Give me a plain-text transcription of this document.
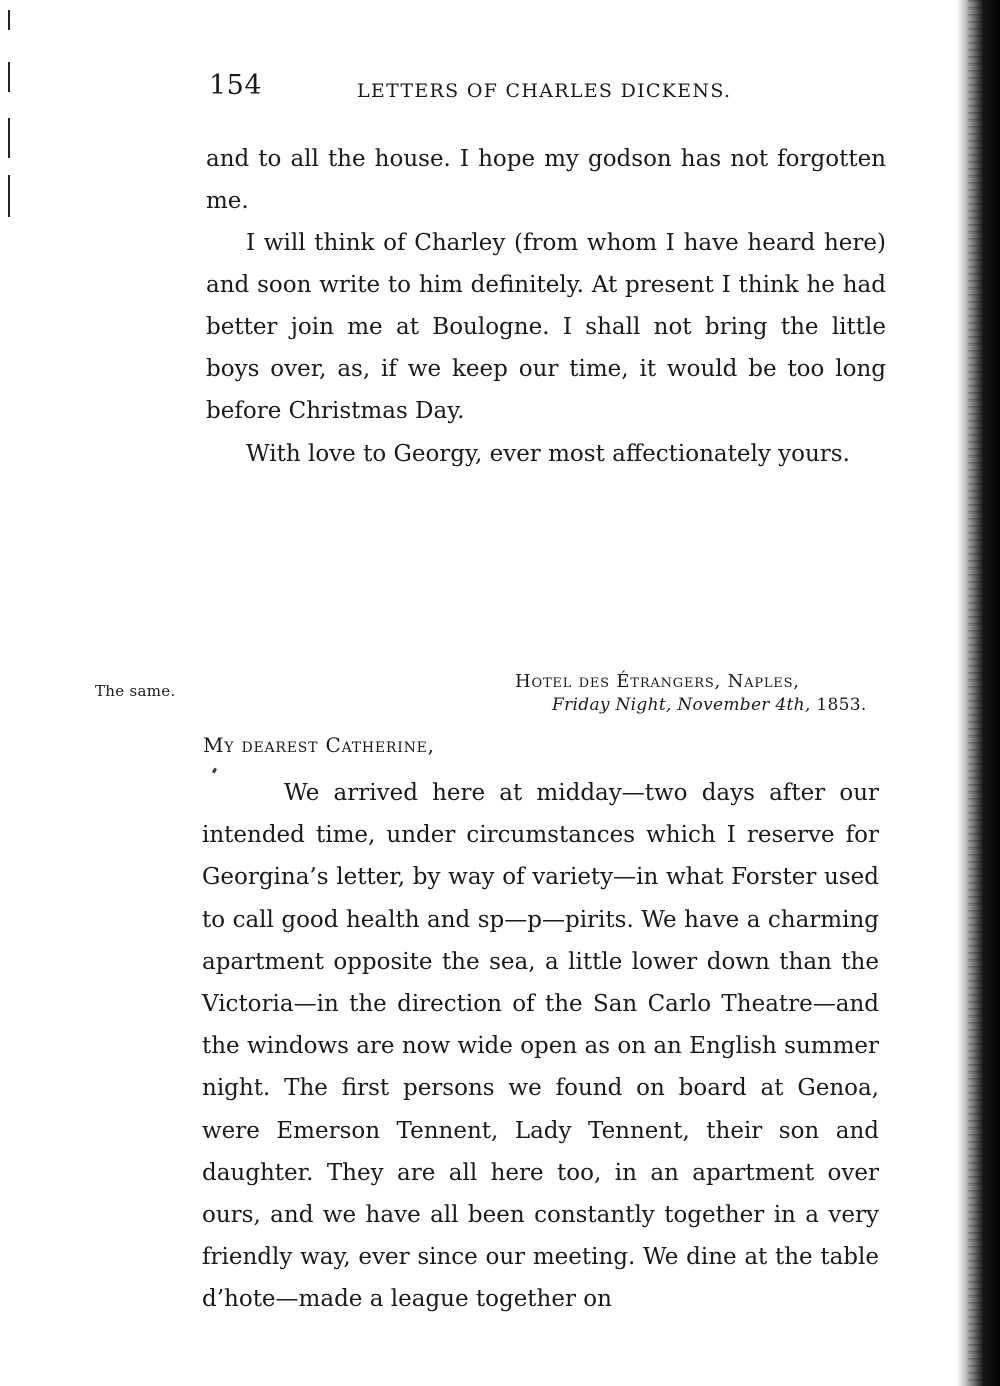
154	LETTERS OF CHARLES DICKENS.

and to all the house. I hope my godson has not forgotten me.

I will think of Charley (from whom I have heard here) and soon write to him definitely. At present I think he had better join me at Boulogne. I shall not bring the little boys over, as, if we keep our time, it would be too long before Christmas Day.

With love to Georgy, ever most affectionately yours.

The same.	Hotel des Étrangers, Naples,
Friday Night, November 4th, 1853.
My dearest Catherine,

We arrived here at midday—two days after our intended time, under circumstances which I reserve for Georgina’s letter, by way of variety—in what Forster used to call good health and sp—p—pirits. We have a charming apartment opposite the sea, a little lower down than the Victoria—in the direction of the San Carlo Theatre—and the windows are now wide open as on an English summer night. The first persons we found on board at Genoa, were Emerson Tennent, Lady Tennent, their son and daughter. They are all here too, in an apartment over ours, and we have all been constantly together in a very friendly way, ever since our meeting. We dine at the table d’hote—made a league together on
